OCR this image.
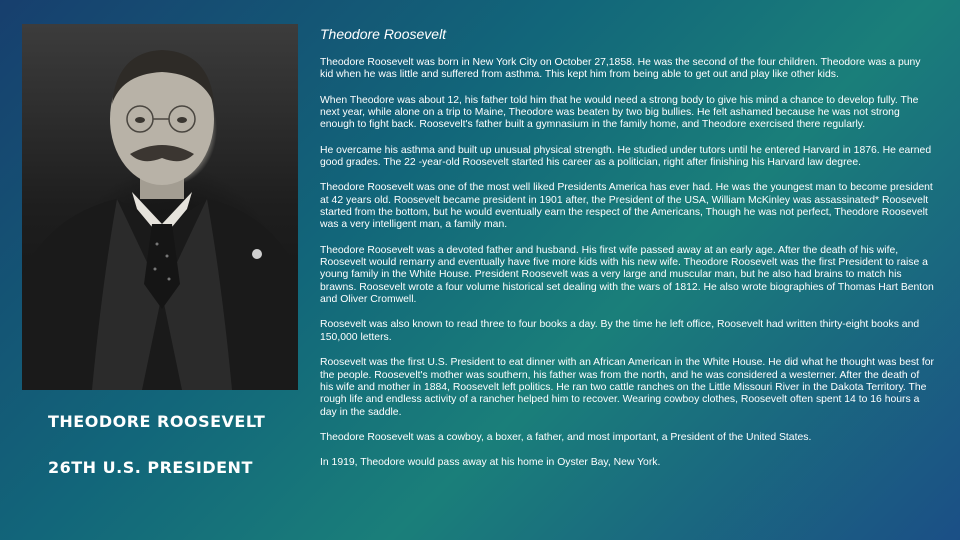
THEODORE ROOSEVELT
26TH U.S. PRESIDENT
Theodore Roosevelt

Theodore Roosevelt was born in New York City on October 27,1858. He was the second of the four children. Theodore was a puny kid when he was little and suffered from asthma. This kept him from being able to get out and play like other kids.

When Theodore was about 12, his father told him that he would need a strong body to give his mind a chance to develop fully. The next year, while alone on a trip to Maine, Theodore was beaten by two big bullies. He felt ashamed because he was not strong enough to fight back. Roosevelt's father built a gymnasium in the family home, and Theodore exercised there regularly.

He overcame his asthma and built up unusual physical strength. He studied under tutors until he entered Harvard in 1876. He earned good grades. The 22 -year-old Roosevelt started his career as a politician, right after finishing his Harvard law degree.

Theodore Roosevelt was one of the most well liked Presidents America has ever had. He was the youngest man to become president at 42 years old. Roosevelt became president in 1901 after, the President of the USA, William McKinley was assassinated* Roosevelt started from the bottom, but he would eventually earn the respect of the Americans, Though he was not perfect, Theodore Roosevelt was a very intelligent man, a family man.

Theodore Roosevelt was a devoted father and husband. His first wife passed away at an early age. After the death of his wife, Roosevelt would remarry and eventually have five more kids with his new wife. Theodore Roosevelt was the first President to raise a young family in the White House. President Roosevelt was a very large and muscular man, but he also had brains to match his brawns. Roosevelt wrote a four volume historical set dealing with the wars of 1812. He also wrote biographies of Thomas Hart Benton and Oliver Cromwell.

Roosevelt was also known to read three to four books a day. By the time he left office, Roosevelt had written thirty-eight books and 150,000 letters.

Roosevelt was the first U.S. President to eat dinner with an African American in the White House. He did what he thought was best for the people. Roosevelt's mother was southern, his father was from the north, and he was considered a westerner. After the death of his wife and mother in 1884, Roosevelt left politics. He ran two cattle ranches on the Little Missouri River in the Dakota Territory. The rough life and endless activity of a rancher helped him to recover. Wearing cowboy clothes, Roosevelt often spent 14 to 16 hours a day in the saddle.

Theodore Roosevelt was a cowboy, a boxer, a father, and most important, a President of the United States.

In 1919, Theodore would pass away at his home in Oyster Bay, New York.
